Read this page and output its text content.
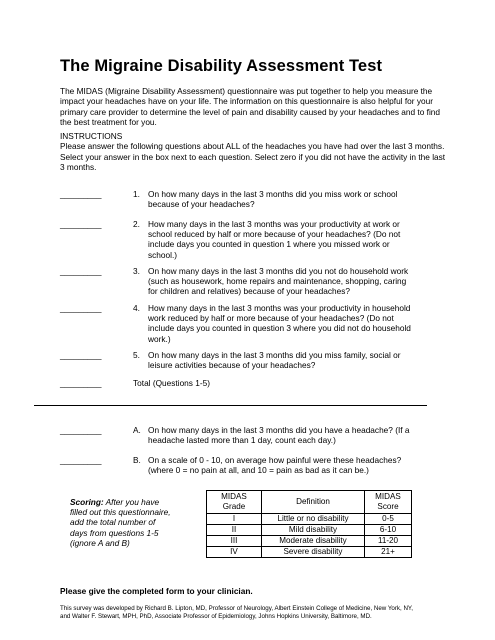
The Migraine Disability Assessment Test
The MIDAS (Migraine Disability Assessment) questionnaire was put together to help you measure the
impact your headaches have on your life. The information on this questionnaire is also helpful for your
primary care provider to determine the level of pain and disability caused by your headaches and to find
the best treatment for you.
INSTRUCTIONS
Please answer the following questions about ALL of the headaches you have had over the last 3 months.
Select your answer in the box next to each question. Select zero if you did not have the activity in the last
3 months.
_________	1. On how many days in the last 3 months did you miss work or school
because of your headaches?
_________	2. How many days in the last 3 months was your productivity at work or
school reduced by half or more because of your headaches? (Do not
include days you counted in question 1 where you missed work or
school.)
_________	3. On how many days in the last 3 months did you not do household work
(such as housework, home repairs and maintenance, shopping, caring
for children and relatives) because of your headaches?
_________	4. How many days in the last 3 months was your productivity in household
work reduced by half or more because of your headaches? (Do not
include days you counted in question 3 where you did not do household
work.)
_________	5. On how many days in the last 3 months did you miss family, social or
leisure activities because of your headaches?
_________	Total (Questions 1-5)
_________	A. On how many days in the last 3 months did you have a headache? (If a
headache lasted more than 1 day, count each day.)
_________	B. On a scale of 0 - 10, on average how painful were these headaches?
(where 0 = no pain at all, and 10 = pain as bad as it can be.)
Scoring: After you have
filled out this questionnaire,
add the total number of
days from questions 1-5
(ignore A and B)
MIDAS
Grade	Definition	MIDAS
Score
I	Little or no disability	0-5
II	Mild disability	6-10
III	Moderate disability	11-20
IV	Severe disability	21+
Please give the completed form to your clinician.
This survey was developed by Richard B. Lipton, MD, Professor of Neurology, Albert Einstein College of Medicine, New York, NY,
and Walter F. Stewart, MPH, PhD, Associate Professor of Epidemiology, Johns Hopkins University, Baltimore, MD.
